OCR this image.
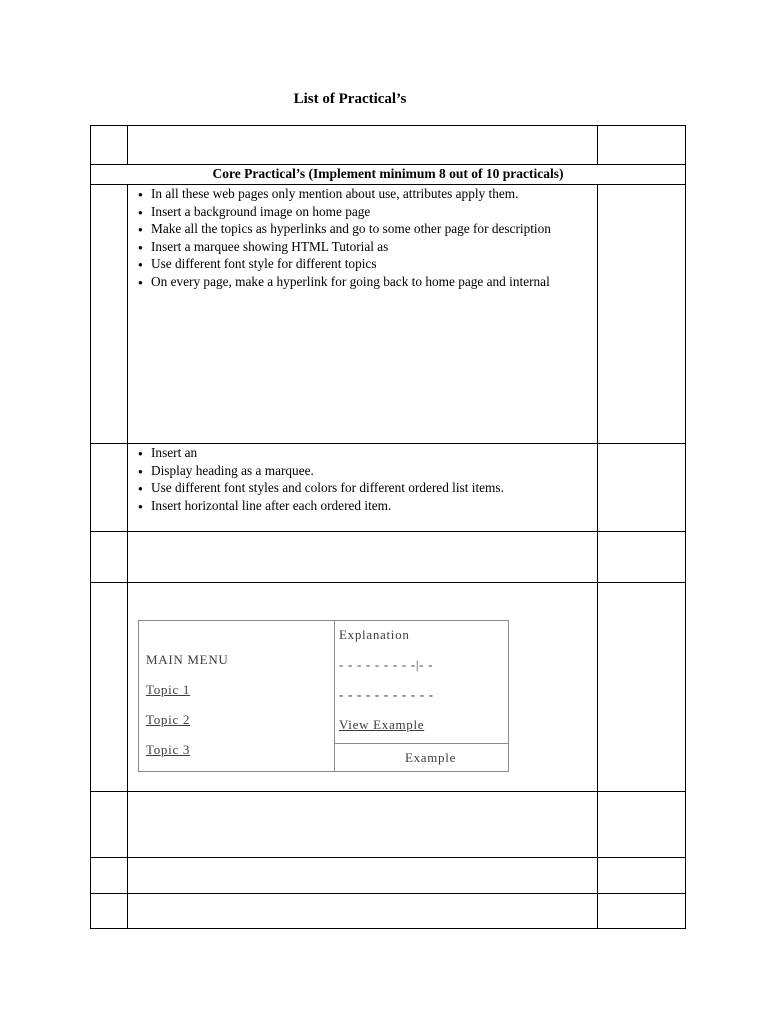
List of Practical’s

Core Practical’s (Implement minimum 8 out of 10 practicals)		

● In all these web pages only mention about use, attributes apply them.
● Insert a background image on home page
● Make all the topics as hyperlinks and go to some other page for description
● Insert a marquee showing HTML Tutorial as
● Use different font style for different topics
● On every page, make a hyperlink for going back to home page and internal

● Insert an
● Display heading as a marquee.
● Use different font styles and colors for different ordered list items.
● Insert horizontal line after each ordered item.

MAIN MENU
Topic 1
Topic 2
Topic 3
Explanation
- - - - - - - - -|- -
- - - - - - - - - - -
View Example
Example
